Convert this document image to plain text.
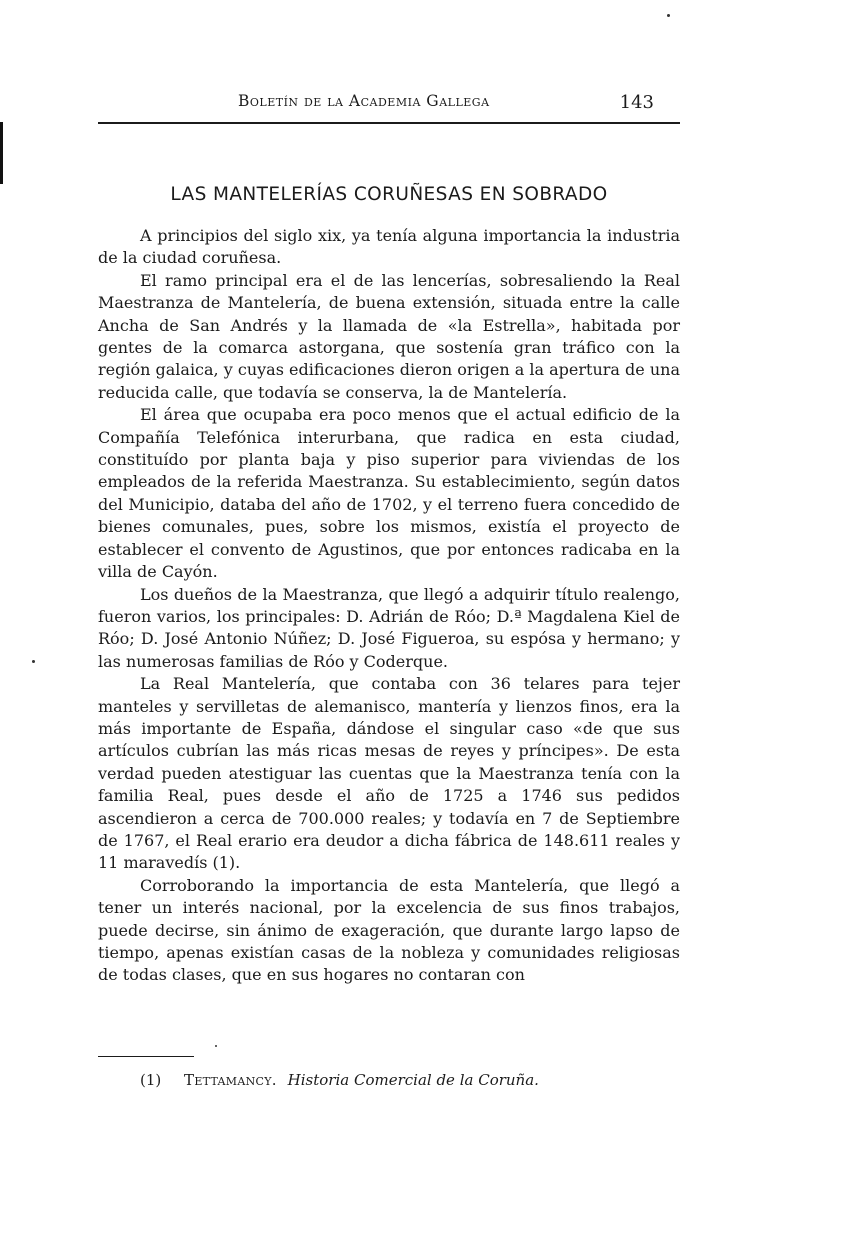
Boletín de la Academia Gallega	143
LAS MANTELERÍAS CORUÑESAS EN SOBRADO

A principios del siglo xix, ya tenía alguna importancia la industria de la ciudad coruñesa.

El ramo principal era el de las lencerías, sobresaliendo la Real Maestranza de Mantelería, de buena extensión, situada entre la calle Ancha de San Andrés y la llamada de «la Estrella», habitada por gentes de la comarca astorgana, que sostenía gran tráfico con la región galaica, y cuyas edificaciones dieron origen a la apertura de una reducida calle, que todavía se conserva, la de Mantelería.

El área que ocupaba era poco menos que el actual edificio de la Compañía Telefónica interurbana, que radica en esta ciudad, constituído por planta baja y piso superior para viviendas de los empleados de la referida Maestranza. Su establecimiento, según datos del Municipio, databa del año de 1702, y el terreno fuera concedido de bienes comunales, pues, sobre los mismos, existía el proyecto de establecer el convento de Agustinos, que por entonces radicaba en la villa de Cayón.

Los dueños de la Maestranza, que llegó a adquirir título realengo, fueron varios, los principales: D. Adrián de Róo; D.ª Magdalena Kiel de Róo; D. José Antonio Núñez; D. José Figueroa, su espósa y hermano; y las numerosas familias de Róo y Coderque.

La Real Mantelería, que contaba con 36 telares para tejer manteles y servilletas de alemanisco, mantería y lienzos finos, era la más importante de España, dándose el singular caso «de que sus artículos cubrían las más ricas mesas de reyes y príncipes». De esta verdad pueden atestiguar las cuentas que la Maestranza tenía con la familia Real, pues desde el año de 1725 a 1746 sus pedidos ascendieron a cerca de 700.000 reales; y todavía en 7 de Septiembre de 1767, el Real erario era deudor a dicha fábrica de 148.611 reales y 11 maravedís (1).

Corroborando la importancia de esta Mantelería, que llegó a tener un interés nacional, por la excelencia de sus finos trabajos, puede decirse, sin ánimo de exageración, que durante largo lapso de tiempo, apenas existían casas de la nobleza y comunidades religiosas de todas clases, que en sus hogares no contaran con

(1) Tettamancy. Historia Comercial de la Coruña.
